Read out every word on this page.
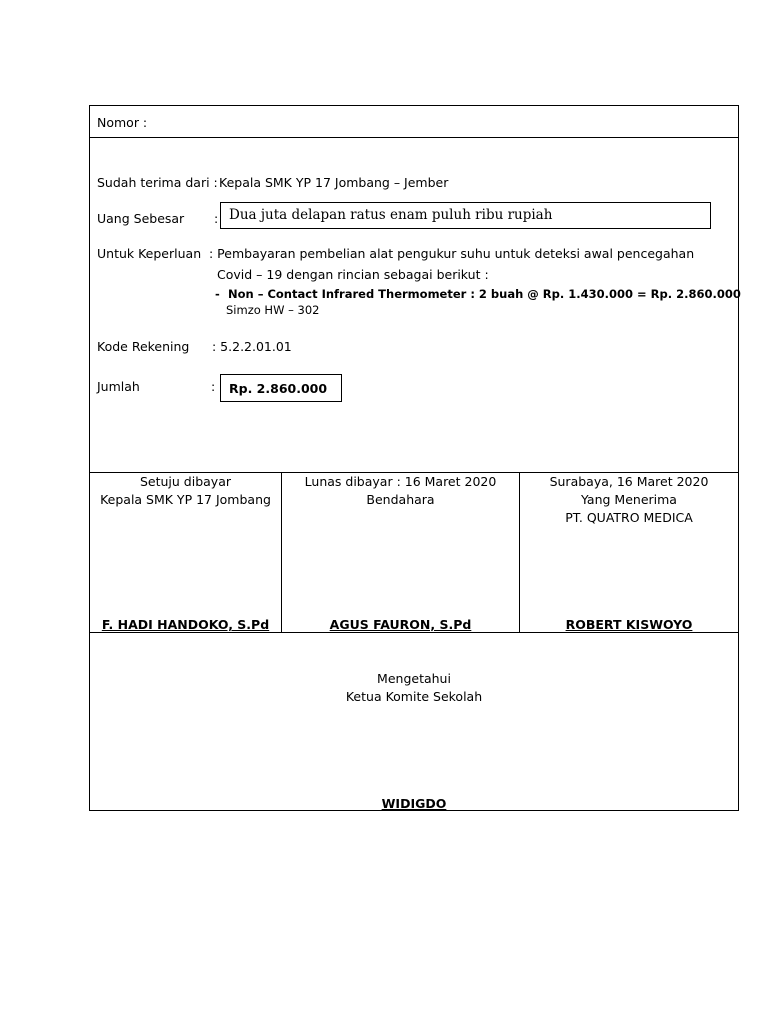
Nomor :
Sudah terima dari : Kepala SMK YP 17 Jombang – Jember
Uang Sebesar : Dua juta delapan ratus enam puluh ribu rupiah
Untuk Keperluan : Pembayaran pembelian alat pengukur suhu untuk deteksi awal pencegahan
Covid – 19 dengan rincian sebagai berikut :
- Non – Contact Infrared Thermometer : 2 buah @ Rp. 1.430.000 = Rp. 2.860.000
Simzo HW – 302
Kode Rekening : 5.2.2.01.01
Jumlah	: Rp. 2.860.000
Setuju dibayar
Kepala SMK YP 17 Jombang
F. HADI HANDOKO, S.Pd
Lunas dibayar : 16 Maret 2020
Bendahara
AGUS FAURON, S.Pd
Surabaya, 16 Maret 2020
Yang Menerima
PT. QUATRO MEDICA
ROBERT KISWOYO
Mengetahui
Ketua Komite Sekolah
WIDIGDO
